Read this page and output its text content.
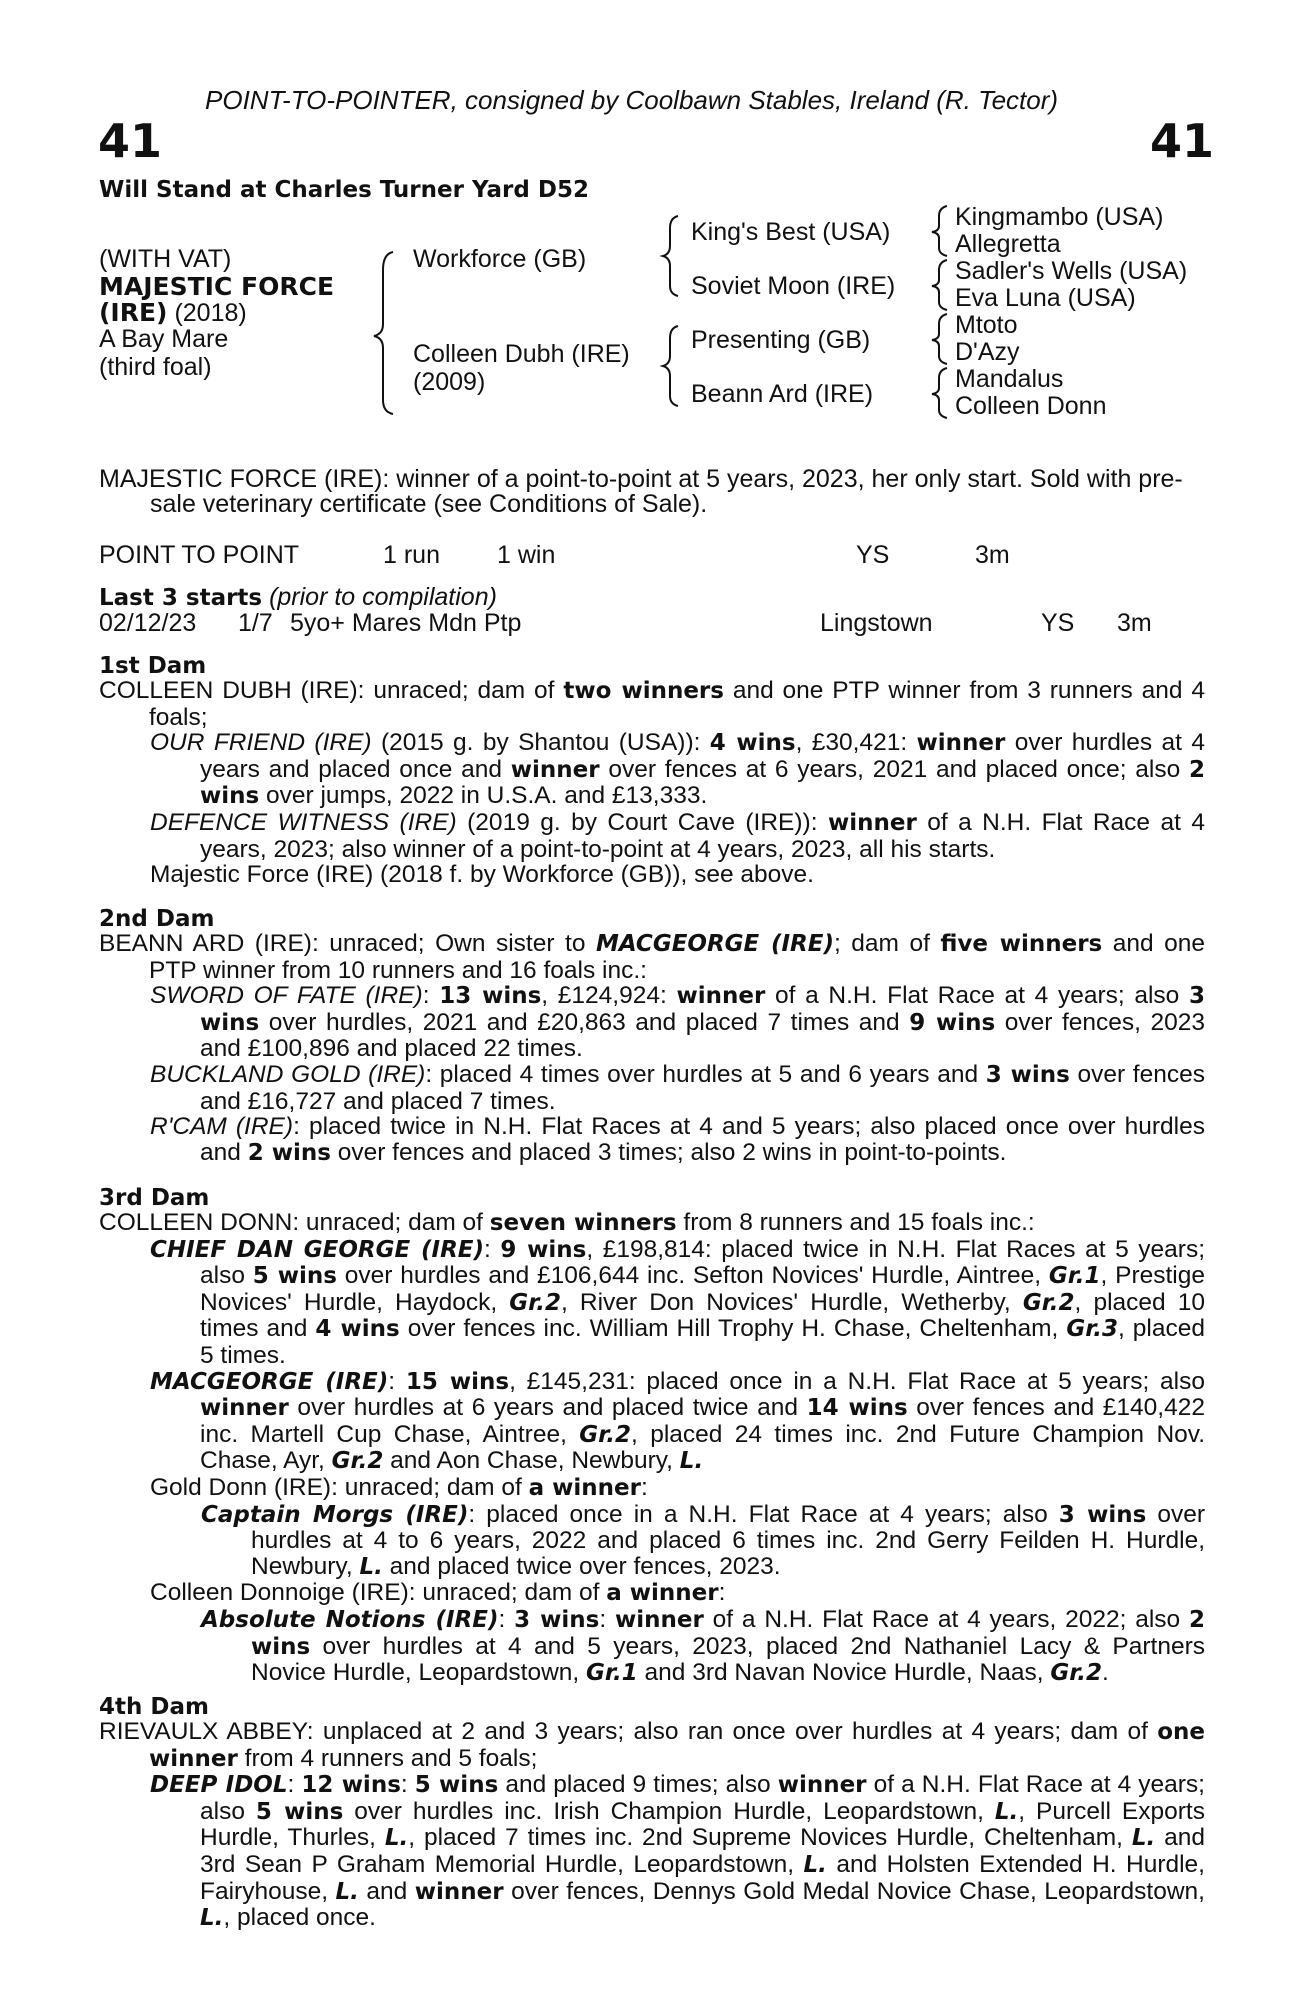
POINT-TO-POINTER, consigned by Coolbawn Stables, Ireland (R. Tector)
41	41
Will Stand at Charles Turner Yard D52
(WITH VAT)
MAJESTIC FORCE
(IRE) (2018)
A Bay Mare
(third foal)
Workforce (GB)
Colleen Dubh (IRE)
(2009)
King's Best (USA)
Soviet Moon (IRE)
Presenting (GB)
Beann Ard (IRE)
Kingmambo (USA)
Allegretta
Sadler's Wells (USA)
Eva Luna (USA)
Mtoto
D'Azy
Mandalus
Colleen Donn
MAJESTIC FORCE (IRE): winner of a point-to-point at 5 years, 2023, her only start. Sold with pre-
sale veterinary certificate (see Conditions of Sale).
POINT TO POINT	1 run 1 win	YS	3m
Last 3 starts (prior to compilation)
02/12/23 1/7 5yo+ Mares Mdn Ptp	Lingstown	YS 3m
1st Dam

COLLEEN DUBH (IRE): unraced; dam of two winners and one PTP winner from 3 runners and 4 foals;

OUR FRIEND (IRE) (2015 g. by Shantou (USA)): 4 wins, £30,421: winner over hurdles at 4 years and placed once and winner over fences at 6 years, 2021 and placed once; also 2 wins over jumps, 2022 in U.S.A. and £13,333.

DEFENCE WITNESS (IRE) (2019 g. by Court Cave (IRE)): winner of a N.H. Flat Race at 4 years, 2023; also winner of a point-to-point at 4 years, 2023, all his starts.

Majestic Force (IRE) (2018 f. by Workforce (GB)), see above.

2nd Dam

BEANN ARD (IRE): unraced; Own sister to MACGEORGE (IRE); dam of five winners and one PTP winner from 10 runners and 16 foals inc.:

SWORD OF FATE (IRE): 13 wins, £124,924: winner of a N.H. Flat Race at 4 years; also 3 wins over hurdles, 2021 and £20,863 and placed 7 times and 9 wins over fences, 2023 and £100,896 and placed 22 times.

BUCKLAND GOLD (IRE): placed 4 times over hurdles at 5 and 6 years and 3 wins over fences and £16,727 and placed 7 times.

R'CAM (IRE): placed twice in N.H. Flat Races at 4 and 5 years; also placed once over hurdles and 2 wins over fences and placed 3 times; also 2 wins in point-to-points.

3rd Dam

COLLEEN DONN: unraced; dam of seven winners from 8 runners and 15 foals inc.:

CHIEF DAN GEORGE (IRE): 9 wins, £198,814: placed twice in N.H. Flat Races at 5 years; also 5 wins over hurdles and £106,644 inc. Sefton Novices' Hurdle, Aintree, Gr.1, Prestige Novices' Hurdle, Haydock, Gr.2, River Don Novices' Hurdle, Wetherby, Gr.2, placed 10 times and 4 wins over fences inc. William Hill Trophy H. Chase, Cheltenham, Gr.3, placed 5 times.

MACGEORGE (IRE): 15 wins, £145,231: placed once in a N.H. Flat Race at 5 years; also winner over hurdles at 6 years and placed twice and 14 wins over fences and £140,422 inc. Martell Cup Chase, Aintree, Gr.2, placed 24 times inc. 2nd Future Champion Nov. Chase, Ayr, Gr.2 and Aon Chase, Newbury, L.

Gold Donn (IRE): unraced; dam of a winner:

Captain Morgs (IRE): placed once in a N.H. Flat Race at 4 years; also 3 wins over hurdles at 4 to 6 years, 2022 and placed 6 times inc. 2nd Gerry Feilden H. Hurdle, Newbury, L. and placed twice over fences, 2023.

Colleen Donnoige (IRE): unraced; dam of a winner:

Absolute Notions (IRE): 3 wins: winner of a N.H. Flat Race at 4 years, 2022; also 2 wins over hurdles at 4 and 5 years, 2023, placed 2nd Nathaniel Lacy & Partners Novice Hurdle, Leopardstown, Gr.1 and 3rd Navan Novice Hurdle, Naas, Gr.2.

4th Dam

RIEVAULX ABBEY: unplaced at 2 and 3 years; also ran once over hurdles at 4 years; dam of one winner from 4 runners and 5 foals;

DEEP IDOL: 12 wins: 5 wins and placed 9 times; also winner of a N.H. Flat Race at 4 years; also 5 wins over hurdles inc. Irish Champion Hurdle, Leopardstown, L., Purcell Exports Hurdle, Thurles, L., placed 7 times inc. 2nd Supreme Novices Hurdle, Cheltenham, L. and 3rd Sean P Graham Memorial Hurdle, Leopardstown, L. and Holsten Extended H. Hurdle, Fairyhouse, L. and winner over fences, Dennys Gold Medal Novice Chase, Leopardstown, L., placed once.
